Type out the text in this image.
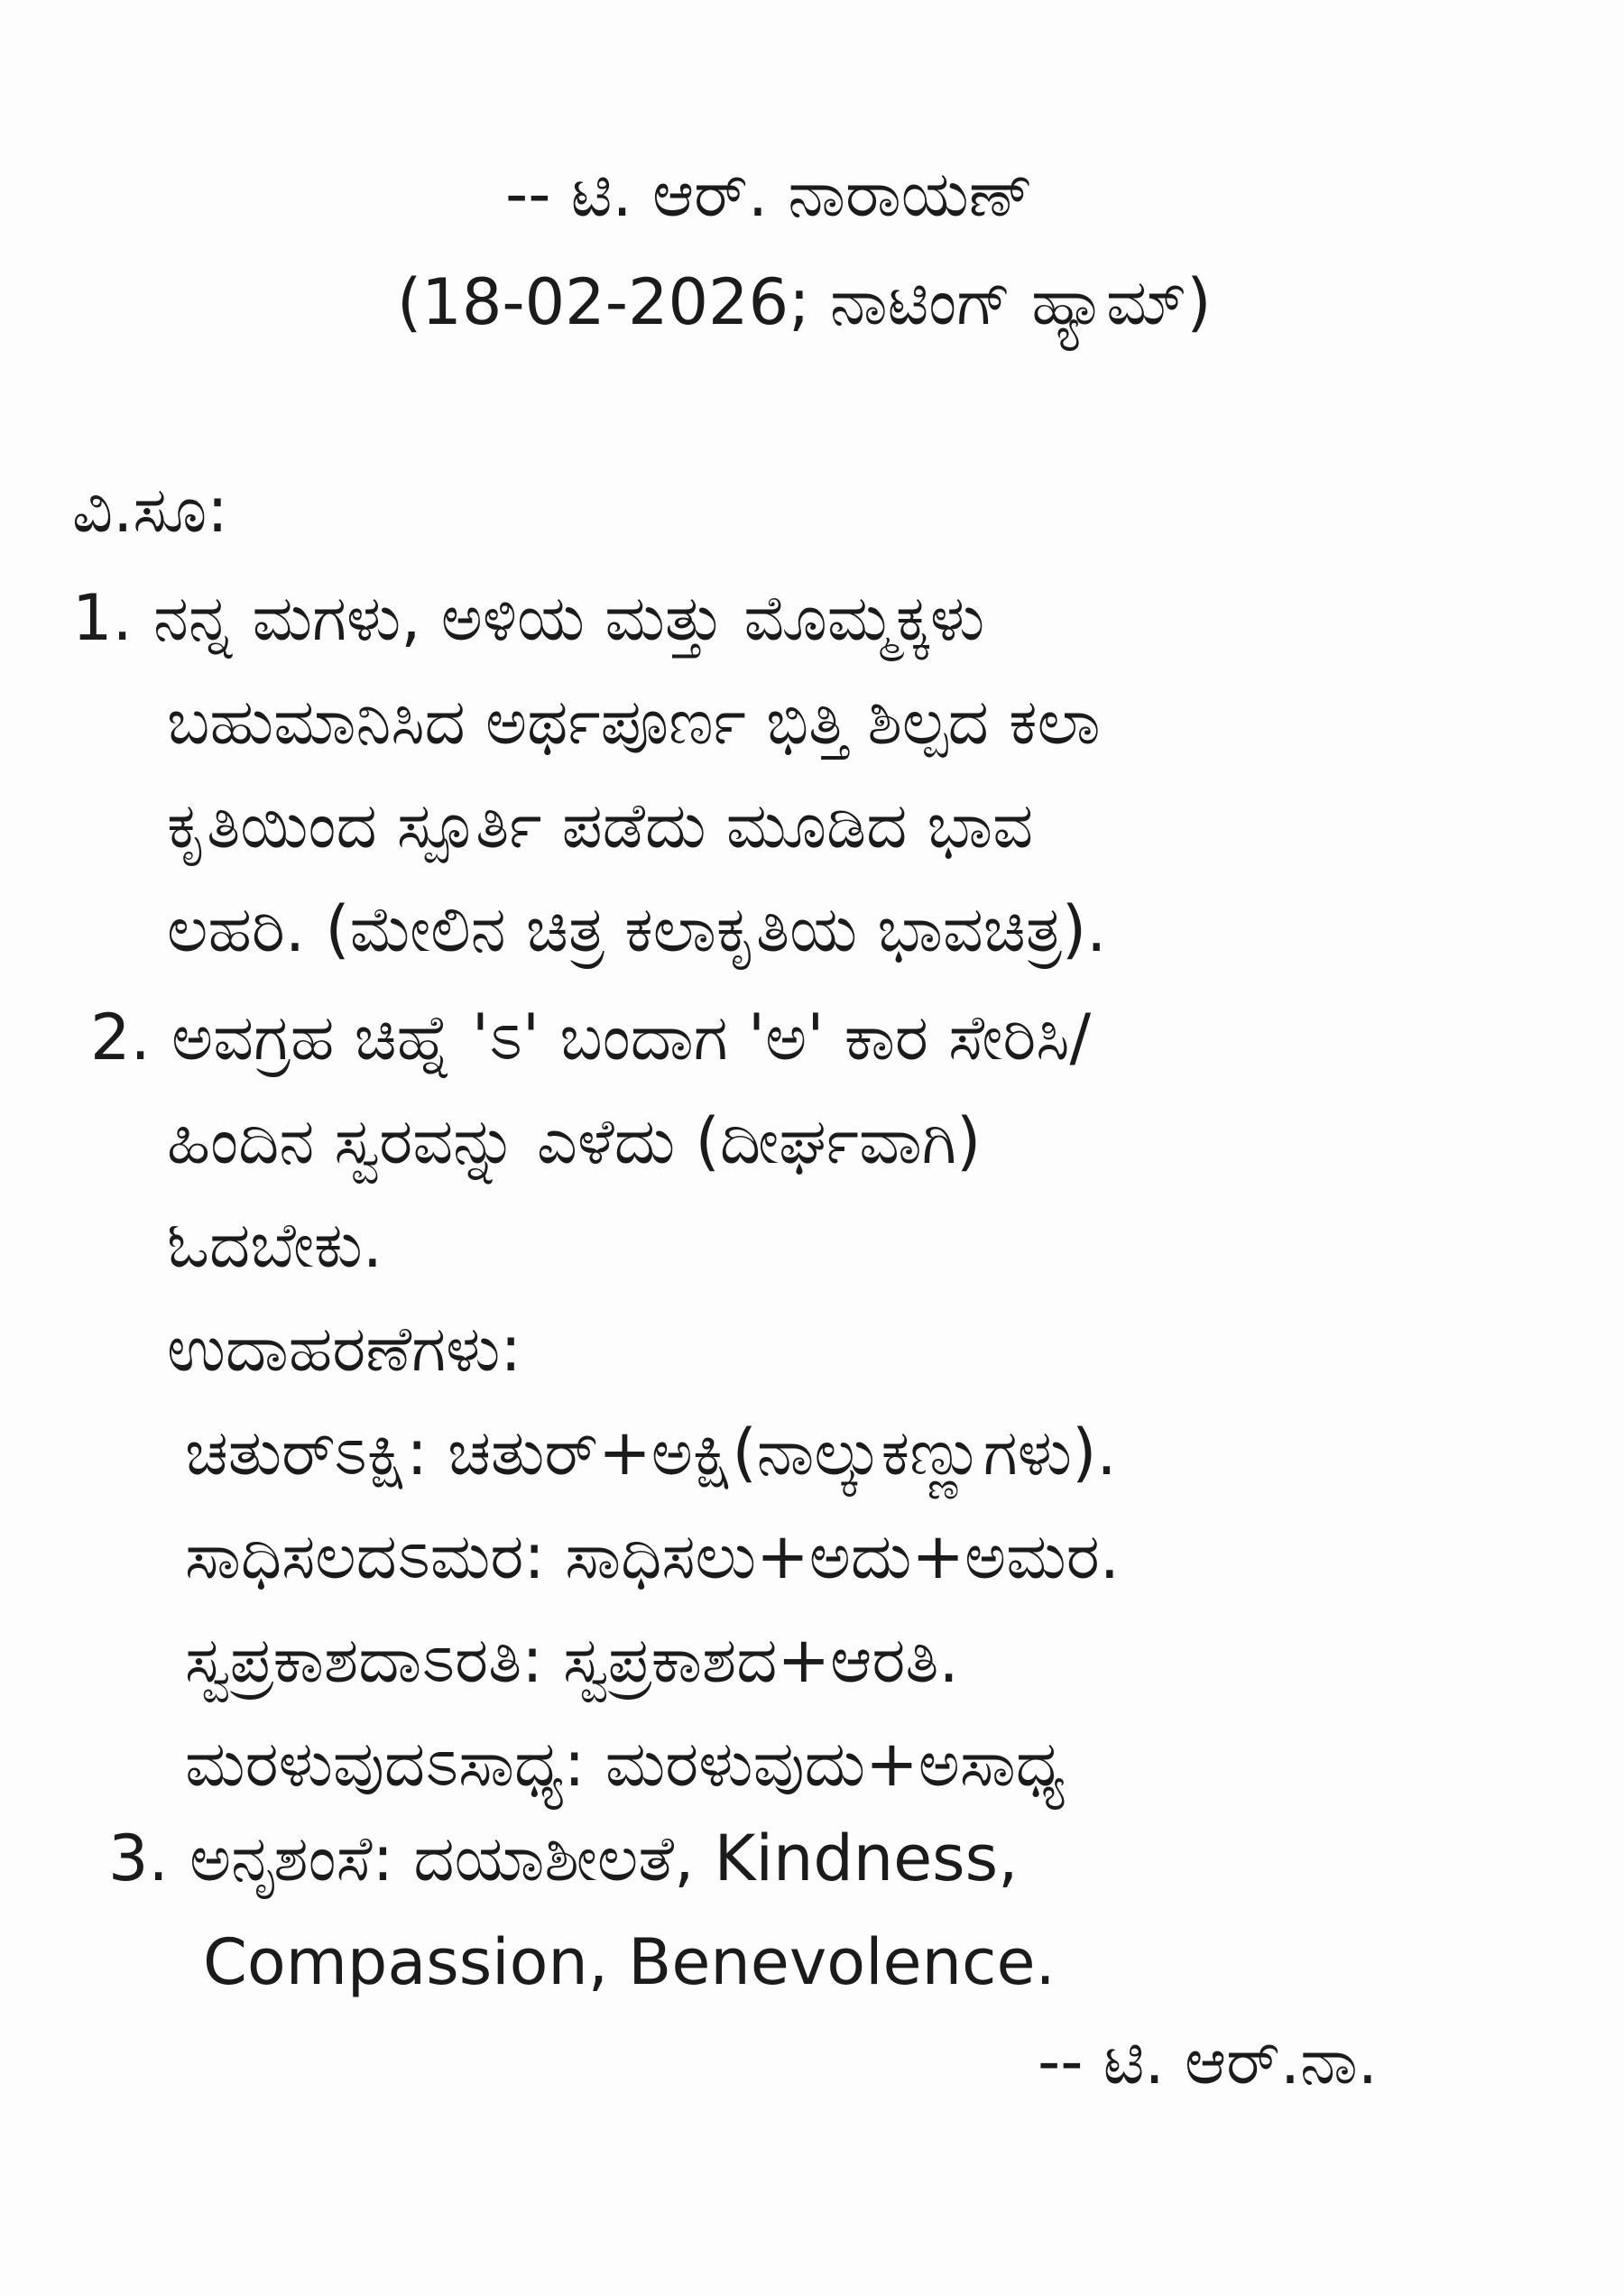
-- ಟಿ. ಆರ್. ನಾರಾಯಣ್

(18-02-2026; ನಾಟಿಂಗ್ ಹ್ಯಾಮ್)

ವಿ.ಸೂ:

1. ನನ್ನ ಮಗಳು, ಅಳಿಯ ಮತ್ತು ಮೊಮ್ಮಕ್ಕಳು

ಬಹುಮಾನಿಸಿದ ಅರ್ಥಪೂರ್ಣ ಭಿತ್ತಿ ಶಿಲ್ಪದ ಕಲಾ

ಕೃತಿಯಿಂದ ಸ್ಪೂರ್ತಿ ಪಡೆದು ಮೂಡಿದ ಭಾವ

ಲಹರಿ. (ಮೇಲಿನ ಚಿತ್ರ ಕಲಾಕೃತಿಯ ಭಾವಚಿತ್ರ).

2. ಅವಗ್ರಹ ಚಿಹ್ನೆ 'ಽ' ಬಂದಾಗ 'ಅ' ಕಾರ ಸೇರಿಸಿ/

ಹಿಂದಿನ ಸ್ವರವನ್ನು ಎಳೆದು (ದೀರ್ಘವಾಗಿ)

ಓದಬೇಕು.

ಉದಾಹರಣೆಗಳು:

ಚತುರ್ಽಕ್ಷಿ: ಚತುರ್+ಅಕ್ಷಿ(ನಾಲ್ಕುಕಣ್ಣುಗಳು).

ಸಾಧಿಸಲದಽಮರ: ಸಾಧಿಸಲು+ಅದು+ಅಮರ.

ಸ್ವಪ್ರಕಾಶದಾಽರತಿ: ಸ್ವಪ್ರಕಾಶದ+ಆರತಿ.

ಮರಳುವುದಽಸಾಧ್ಯ: ಮರಳುವುದು+ಅಸಾಧ್ಯ

3. ಅನೃಶಂಸೆ: ದಯಾಶೀಲತೆ, Kindness,

Compassion, Benevolence.

-- ಟಿ. ಆರ್.ನಾ.
